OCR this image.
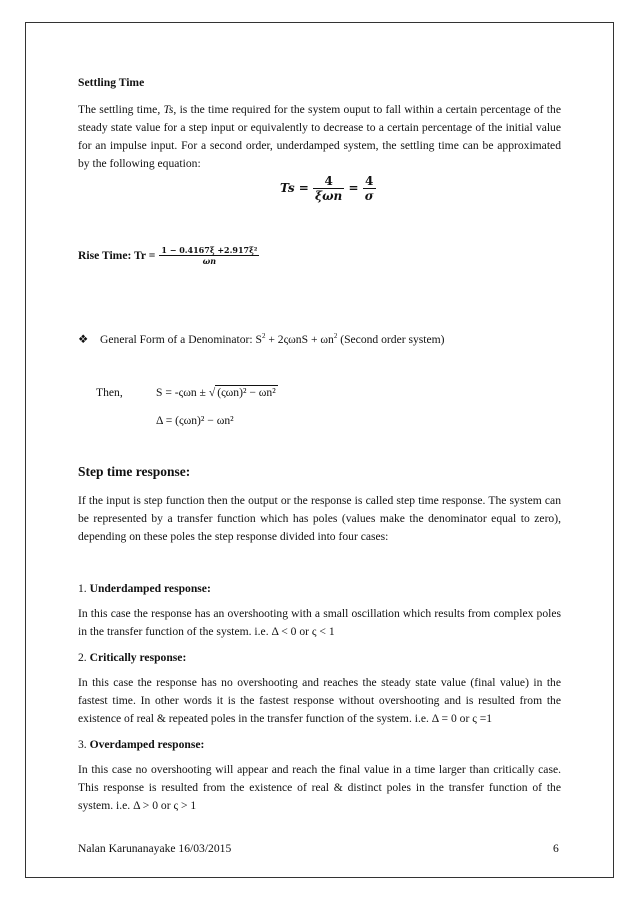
Settling Time
The settling time, Ts, is the time required for the system ouput to fall within a certain percentage of the steady state value for a step input or equivalently to decrease to a certain percentage of the initial value for an impulse input. For a second order, underdamped system, the settling time can be approximated by the following equation:
$Ts = \frac{4}{\text{ξωn}} = \frac{4}{\sigma}$
Rise Time: $Tr = \frac{\text{1 − 0.4167ξ +2.917ξ²}}{\omega n}$
❖ General Form of a Denominator: $S^2 + 2\varsigma\omega nS + \omega n^2$ (Second order system)
Then,	S = -ςωn ± √ (ςωn)² − ωn²
Δ = (ςωn)² − ωn²
Step time response:
If the input is step function then the output or the response is called step time response. The system can be represented by a transfer function which has poles (values make the denominator equal to zero), depending on these poles the step response divided into four cases:
1. Underdamped response:
In this case the response has an overshooting with a small oscillation which results from complex poles in the transfer function of the system. i.e. Δ < 0 or ς < 1
2. Critically response:
In this case the response has no overshooting and reaches the steady state value (final value) in the fastest time. In other words it is the fastest response without overshooting and is resulted from the existence of real & repeated poles in the transfer function of the system. i.e. Δ = 0 or ς =1
3. Overdamped response:
In this case no overshooting will appear and reach the final value in a time larger than critically case. This response is resulted from the existence of real & distinct poles in the transfer function of the system. i.e. Δ > 0 or ς > 1
Nalan Karunanayake 16/03/2015	6
